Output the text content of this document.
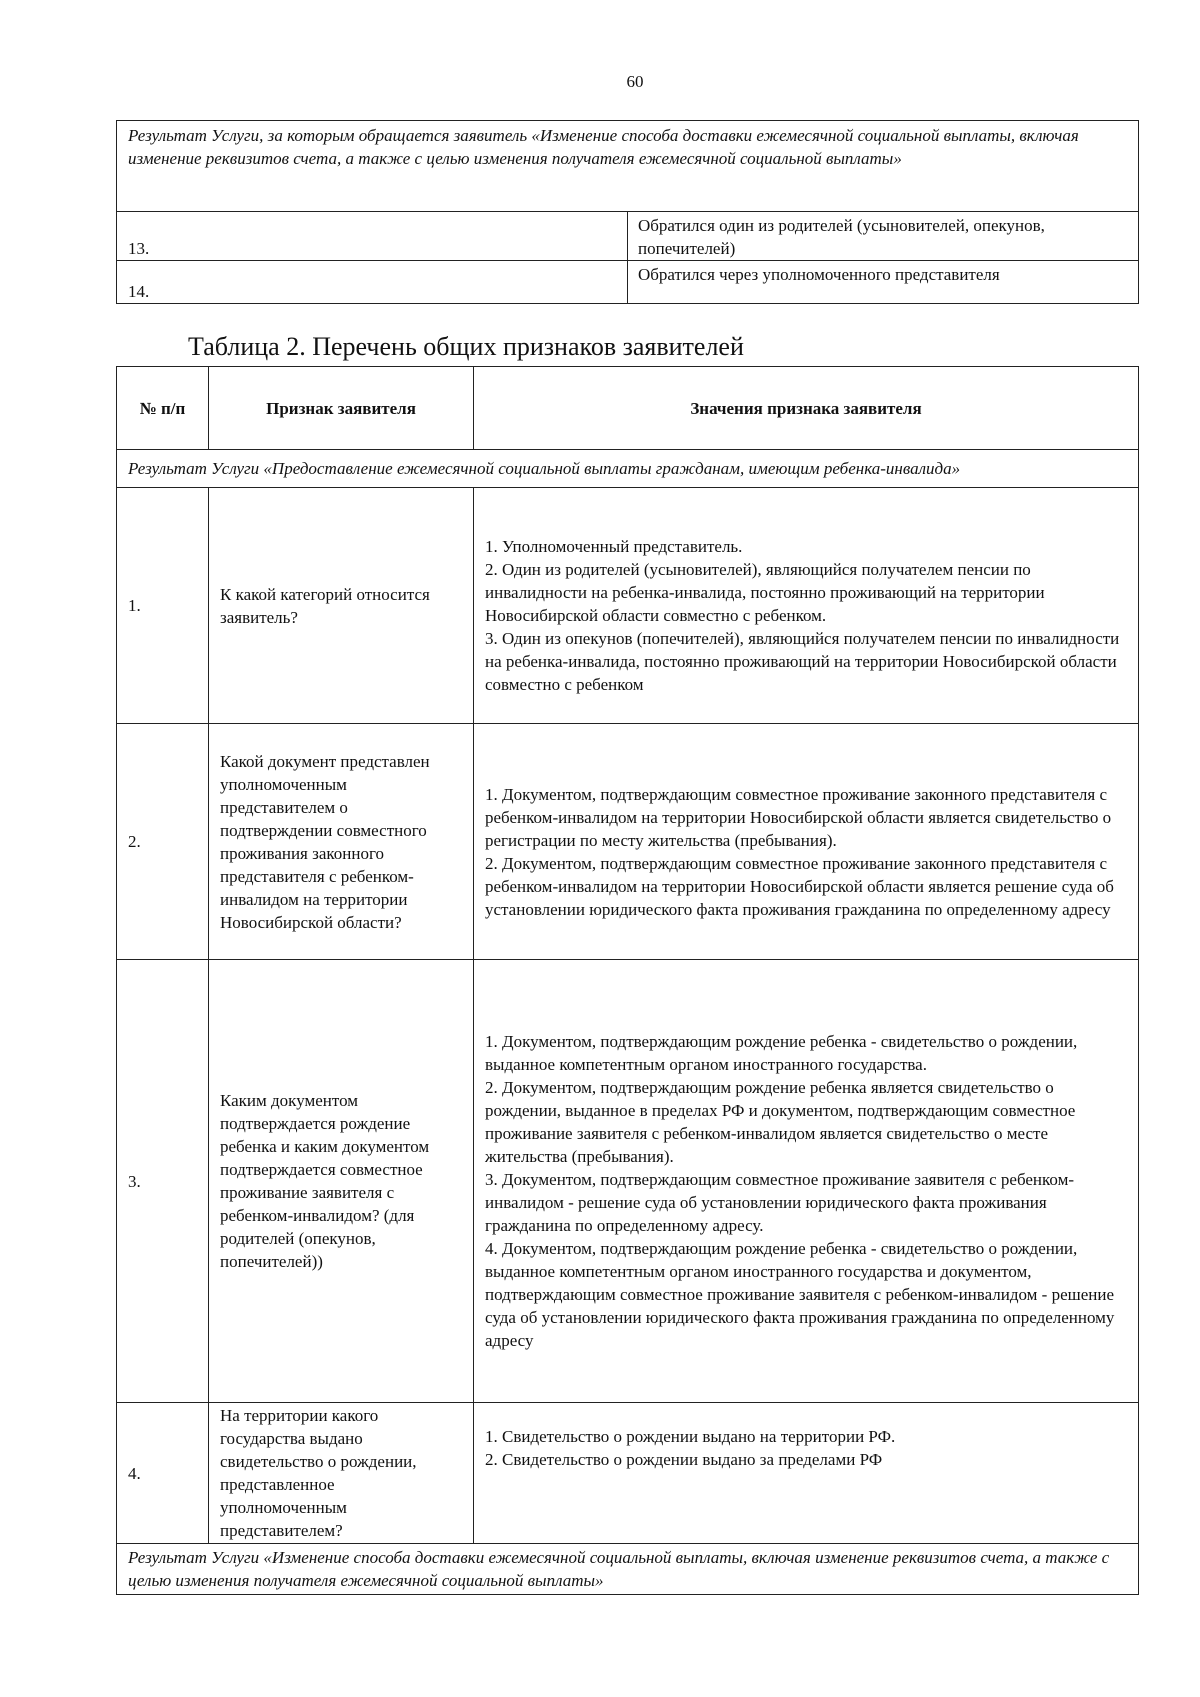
60
Результат Услуги, за которым обращается заявитель «Изменение способа доставки ежемесячной социальной выплаты, включая изменение реквизитов счета, а также с целью изменения получателя ежемесячной социальной выплаты»	
13.	Обратился один из родителей (усыновителей, опекунов, попечителей)
14.	Обратился через уполномоченного представителя
Таблица 2. Перечень общих признаков заявителей
№ п/п	Признак заявителя	Значения признака заявителя
Результат Услуги «Предоставление ежемесячной социальной выплаты гражданам, имеющим ребенка-инвалида»		
1.	К какой категорий относится заявитель?	1. Уполномоченный представитель.
2. Один из родителей (усыновителей), являющийся получателем пенсии по инвалидности на ребенка-инвалида, постоянно проживающий на территории Новосибирской области совместно с ребенком.
3. Один из опекунов (попечителей), являющийся получателем пенсии по инвалидности на ребенка-инвалида, постоянно проживающий на территории Новосибирской области совместно с ребенком

2.	Какой документ представлен уполномоченным представителем о подтверждении совместного проживания законного представителя с ребенком-инвалидом на территории Новосибирской области?	1. Документом, подтверждающим совместное проживание законного представителя с ребенком-инвалидом на территории Новосибирской области является свидетельство о регистрации по месту жительства (пребывания).
2. Документом, подтверждающим совместное проживание законного представителя с ребенком-инвалидом на территории Новосибирской области является решение суда об установлении юридического факта проживания гражданина по определенному адресу

3.	Каким документом подтверждается рождение ребенка и каким документом подтверждается совместное проживание заявителя с ребенком-инвалидом? (для родителей (опекунов, попечителей))	1. Документом, подтверждающим рождение ребенка - свидетельство о рождении, выданное компетентным органом иностранного государства.
2. Документом, подтверждающим рождение ребенка является свидетельство о рождении, выданное в пределах РФ и документом, подтверждающим совместное проживание заявителя с ребенком-инвалидом является свидетельство о месте жительства (пребывания).
3. Документом, подтверждающим совместное проживание заявителя с ребенком-инвалидом - решение суда об установлении юридического факта проживания гражданина по определенному адресу.
4. Документом, подтверждающим рождение ребенка - свидетельство о рождении, выданное компетентным органом иностранного государства и документом, подтверждающим совместное проживание заявителя с ребенком-инвалидом - решение суда об установлении юридического факта проживания гражданина по определенному адресу

4.	На территории какого государства выдано свидетельство о рождении, представленное уполномоченным представителем?	1. Свидетельство о рождении выдано на территории РФ.
2. Свидетельство о рождении выдано за пределами РФ

Результат Услуги «Изменение способа доставки ежемесячной социальной выплаты, включая изменение реквизитов счета, а также с целью изменения получателя ежемесячной социальной выплаты»		
